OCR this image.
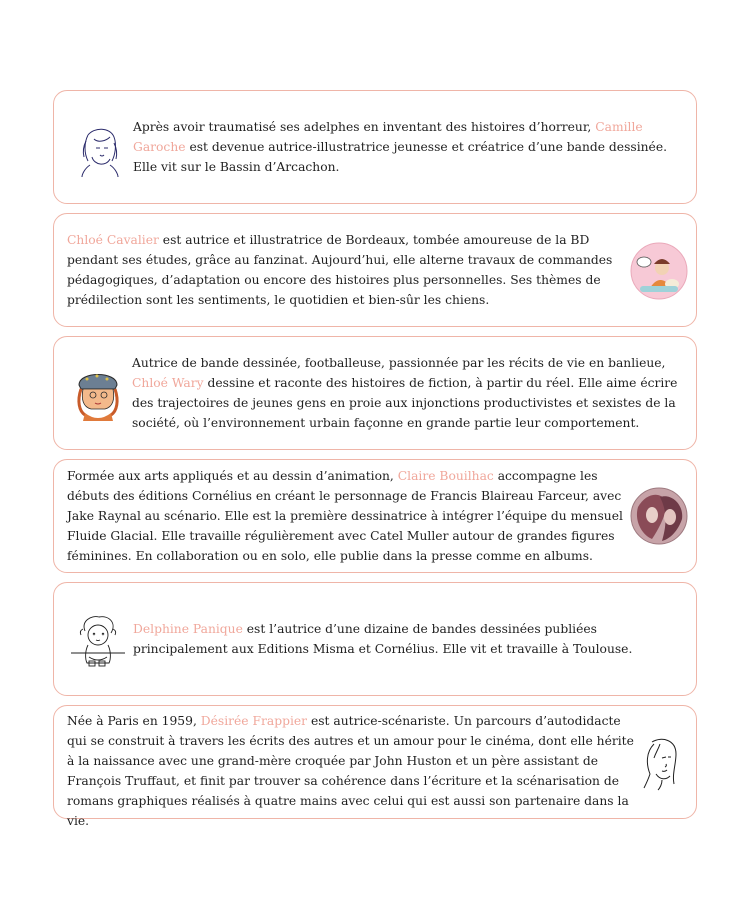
Après avoir traumatisé ses adelphes en inventant des histoires d’horreur, Camille Garoche est devenue autrice-illustratrice jeunesse et créatrice d’une bande dessinée. Elle vit sur le Bassin d’Arcachon.
Chloé Cavalier est autrice et illustratrice de Bordeaux, tombée amoureuse de la BD pendant ses études, grâce au fanzinat. Aujourd’hui, elle alterne travaux de commandes pédagogiques, d’adaptation ou encore des histoires plus personnelles. Ses thèmes de prédilection sont les sentiments, le quotidien et bien-sûr les chiens.
Autrice de bande dessinée, footballeuse, passionnée par les récits de vie en banlieue, Chloé Wary dessine et raconte des histoires de fiction, à partir du réel. Elle aime écrire des trajectoires de jeunes gens en proie aux injonctions productivistes et sexistes de la société, où l’environnement urbain façonne en grande partie leur comportement.
Formée aux arts appliqués et au dessin d’animation, Claire Bouilhac accompagne les débuts des éditions Cornélius en créant le personnage de Francis Blaireau Farceur, avec Jake Raynal au scénario. Elle est la première dessinatrice à intégrer l’équipe du mensuel Fluide Glacial. Elle travaille régulièrement avec Catel Muller autour de grandes figures féminines. En collaboration ou en solo, elle publie dans la presse comme en albums.
Delphine Panique est l’autrice d’une dizaine de bandes dessinées publiées principalement aux Editions Misma et Cornélius. Elle vit et travaille à Toulouse.
Née à Paris en 1959, Désirée Frappier est autrice-scénariste. Un parcours d’autodidacte qui se construit à travers les écrits des autres et un amour pour le cinéma, dont elle hérite à la naissance avec une grand-mère croquée par John Huston et un père assistant de François Truffaut, et finit par trouver sa cohérence dans l’écriture et la scénarisation de romans graphiques réalisés à quatre mains avec celui qui est aussi son partenaire dans la vie.
